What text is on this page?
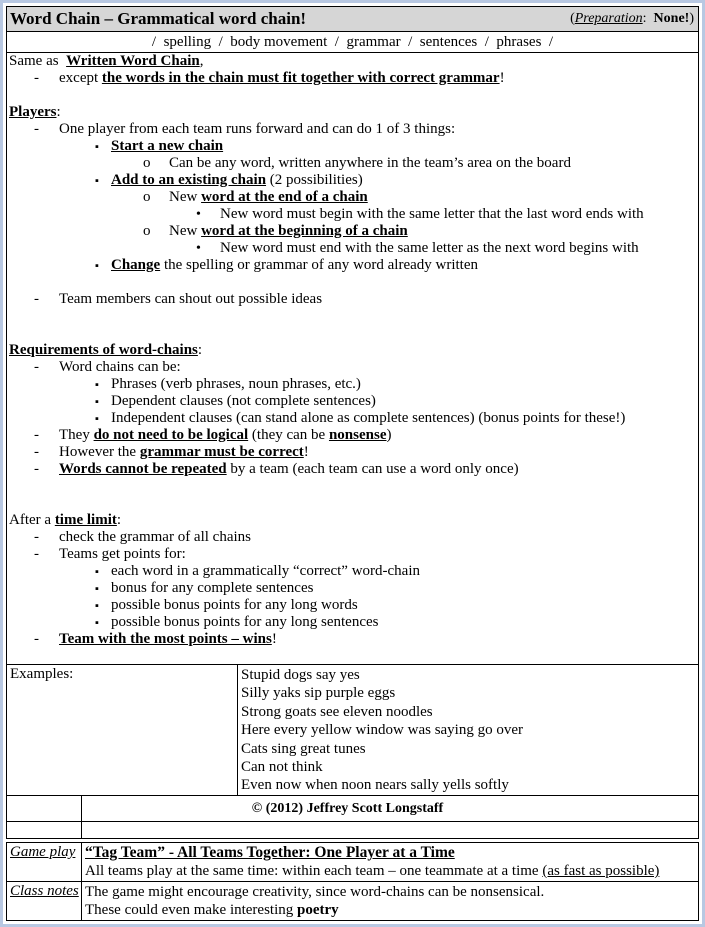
Word Chain – Grammatical word chain!	(Preparation:  None!)
/  spelling  /  body movement  /  grammar  /  sentences  /  phrases  /
Same as  Written Word Chain,
- except the words in the chain must fit together with correct grammar!
Players:
- One player from each team runs forward and can do 1 of 3 things:
▪ Start a new chain
o Can be any word, written anywhere in the team’s area on the board
▪ Add to an existing chain (2 possibilities)
o New word at the end of a chain
• New word must begin with the same letter that the last word ends with
o New word at the beginning of a chain
• New word must end with the same letter as the next word begins with
▪ Change the spelling or grammar of any word already written
- Team members can shout out possible ideas
Requirements of word-chains:
- Word chains can be:
▪ Phrases (verb phrases, noun phrases, etc.)
▪ Dependent clauses (not complete sentences)
▪ Independent clauses (can stand alone as complete sentences) (bonus points for these!)
- They do not need to be logical (they can be nonsense)
- However the grammar must be correct!
- Words cannot be repeated by a team (each team can use a word only once)
After a time limit:
- check the grammar of all chains
- Teams get points for:
▪ each word in a grammatically “correct” word-chain
▪ bonus for any complete sentences
▪ possible bonus points for any long words
▪ possible bonus points for any long sentences
- Team with the most points – wins!
Examples:	Stupid dogs say yes
Silly yaks sip purple eggs
Strong goats see eleven noodles
Here every yellow window was saying go over
Cats sing great tunes
Can not think
Even now when noon nears sally yells softly
© (2012) Jeffrey Scott Longstaff
Game play “Tag Team” - All Teams Together: One Player at a Time
All teams play at the same time: within each team – one teammate at a time (as fast as possible)
Class notes The game might encourage creativity, since word-chains can be nonsensical.
These could even make interesting poetry
